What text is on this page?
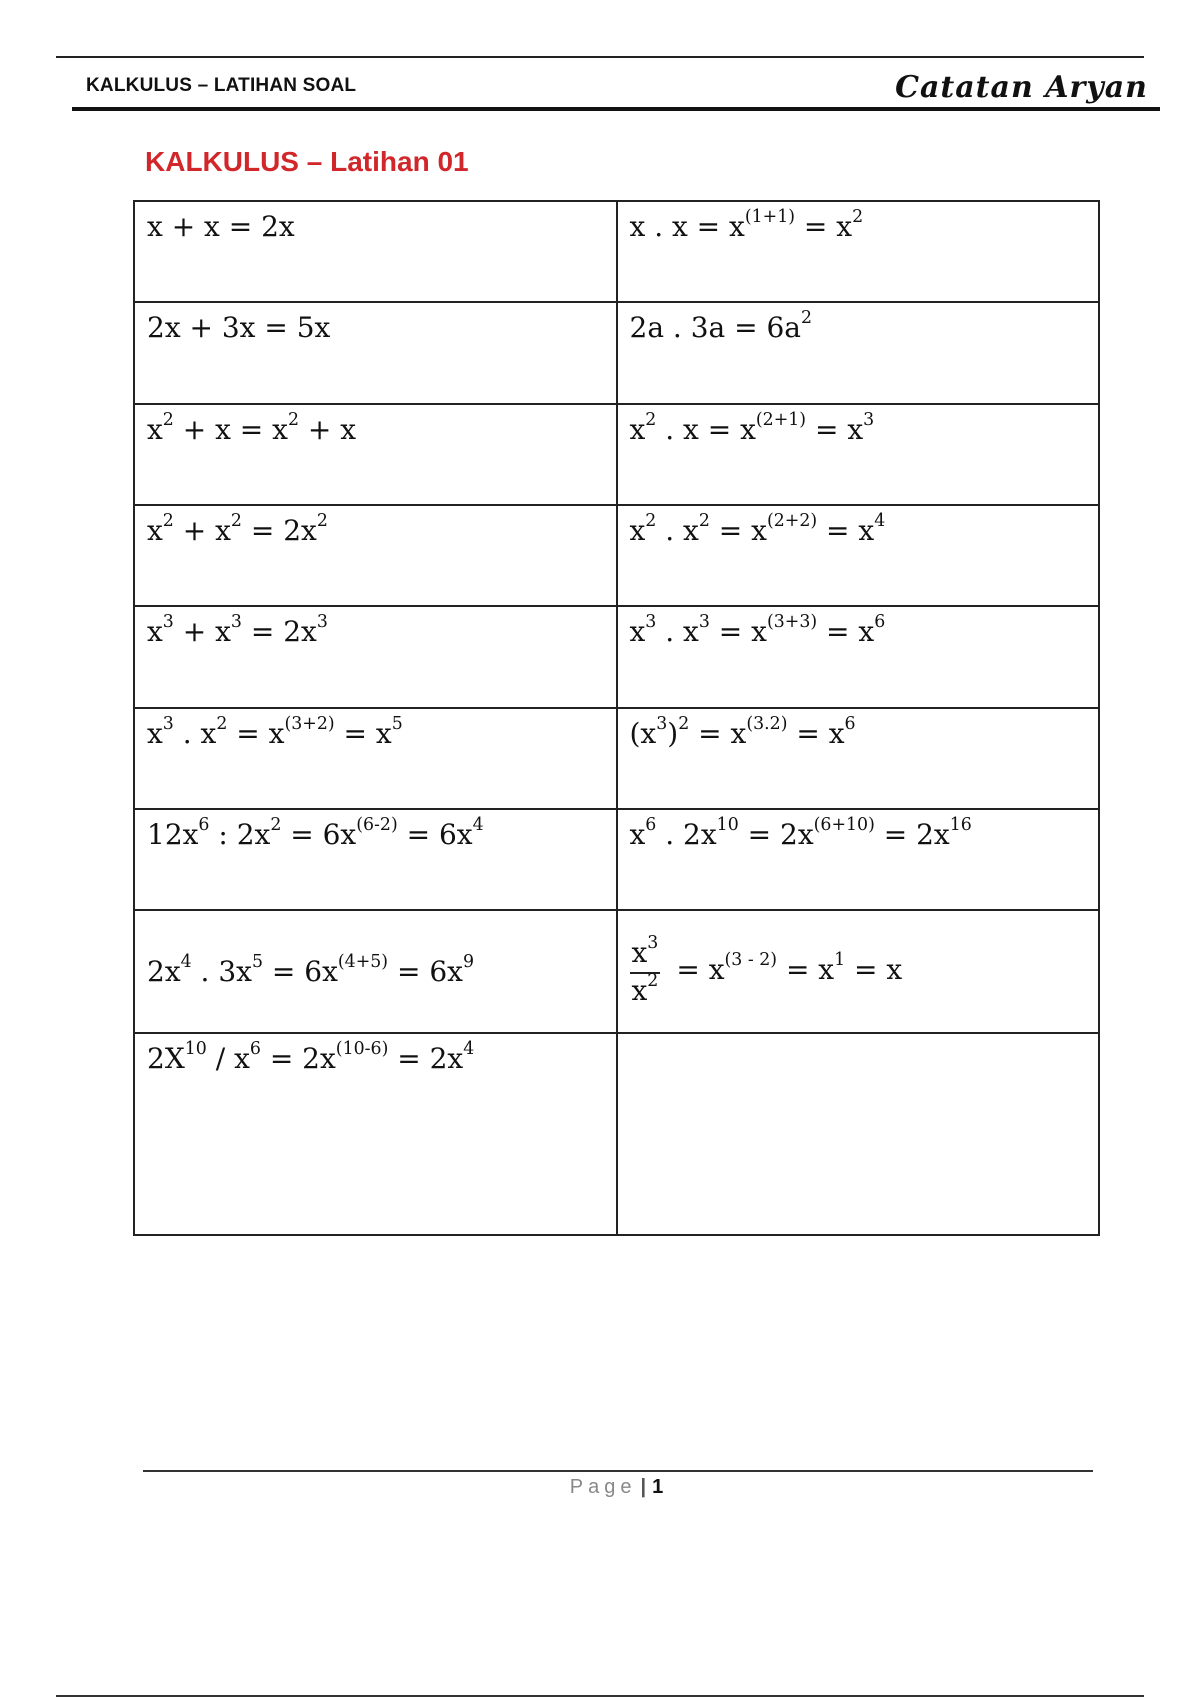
KALKULUS – LATIHAN SOAL	Catatan Aryan
KALKULUS – Latihan 01
x + x = 2x	x . $x = x^{(1+1)} = x^2$
2x + 3x = 5x	2a . $3a = 6a^2$
$x^2 + x = x^2 + x$	$x^2$ . $x = x^{(2+1)} = x^3$
$x^2 + x^2 = 2x^2$	$x^2$ . $x^2 = x^{(2+2)} = x^4$
$x^3 + x^3 = 2x^3$	$x^3$ . $x^3 = x^{(3+3)} = x^6$
$x^3$ . $x^2 = x^{(3+2)} = x^5$	$(x^3)^2 = x^{(3.2)} = x^6$
$12x^6$ : $2x^2 = 6x^{(6-2)} = 6x^4$	$x^6$ . $2x^{10} = 2x^{(6+10)} = 2x^{16}$
$2x^4$ . $3x^5 = 6x^{(4+5)} = 6x^9$	$\frac{x^3}{x^2} = x^{(3 - 2)} = x^1 = x$
$2X^{10} / x^6 = 2x^{(10-6)} = 2x^4$	
Page | 1
